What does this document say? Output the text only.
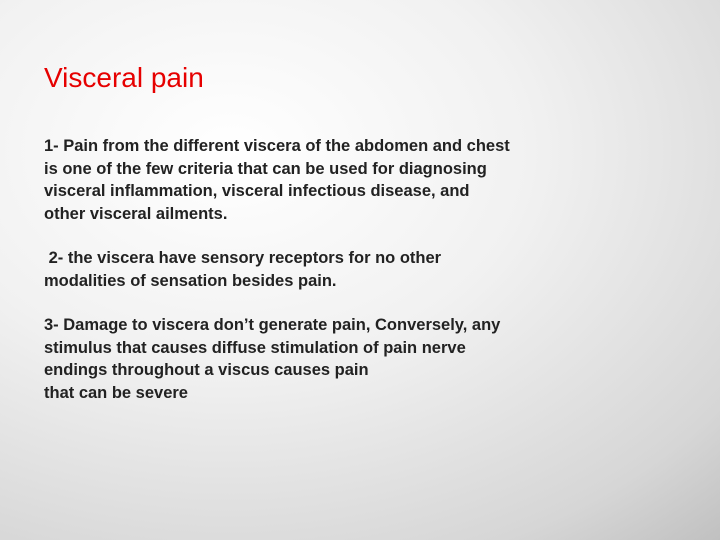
Visceral pain

1- Pain from the different viscera of the abdomen and chest
is one of the few criteria that can be used for diagnosing
visceral inflammation, visceral infectious disease, and
other visceral ailments.

2- the viscera have sensory receptors for no other
modalities of sensation besides pain.

3- Damage to viscera don’t generate pain, Conversely, any
stimulus that causes diffuse stimulation of pain nerve
endings throughout a viscus causes pain
that can be severe
